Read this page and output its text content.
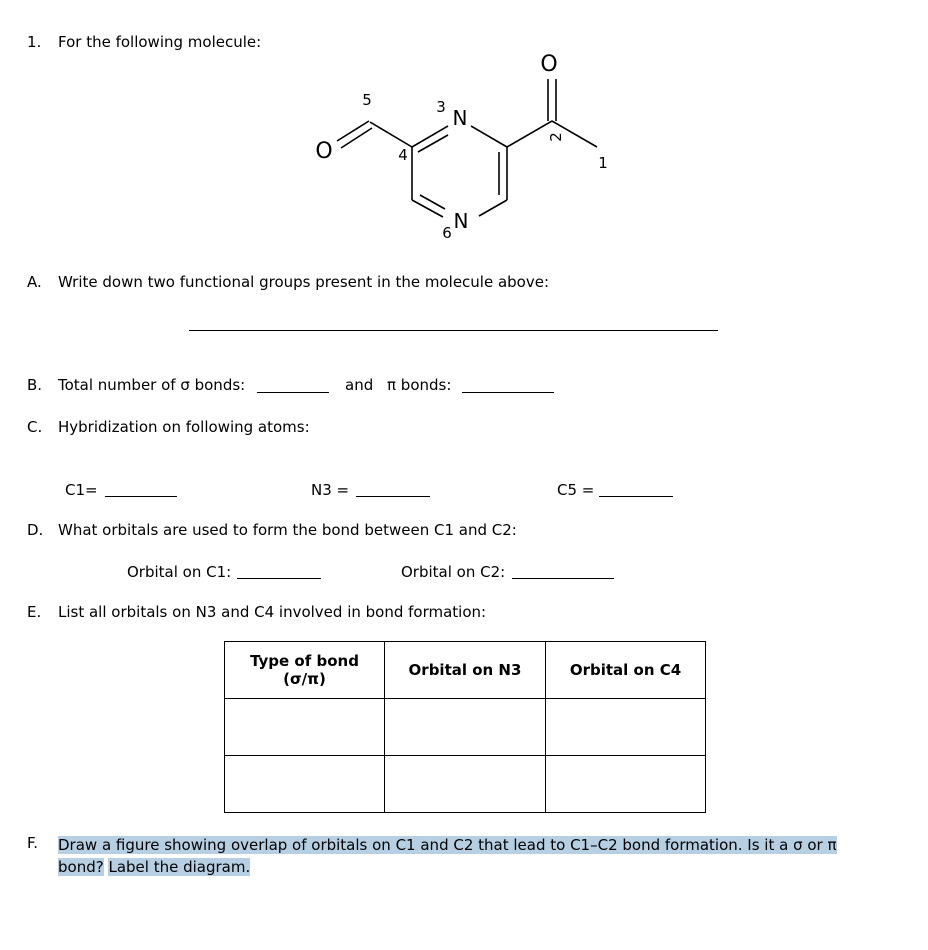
1. For the following molecule:
O
O
N
N
1
2
3
4
5
6
A. Write down two functional groups present in the molecule above:
B. Total number of σ bonds:	and π bonds:
C. Hybridization on following atoms:
C1=	N3 =	C5 =
D. What orbitals are used to form the bond between C1 and C2:
Orbital on C1:	Orbital on C2:
E. List all orbitals on N3 and C4 involved in bond formation:
Type of bond
(σ/π)	Orbital on N3	Orbital on C4

F. Draw a figure showing overlap of orbitals on C1 and C2 that lead to C1–C2 bond formation. Is it a σ or π bond? Label the diagram.
